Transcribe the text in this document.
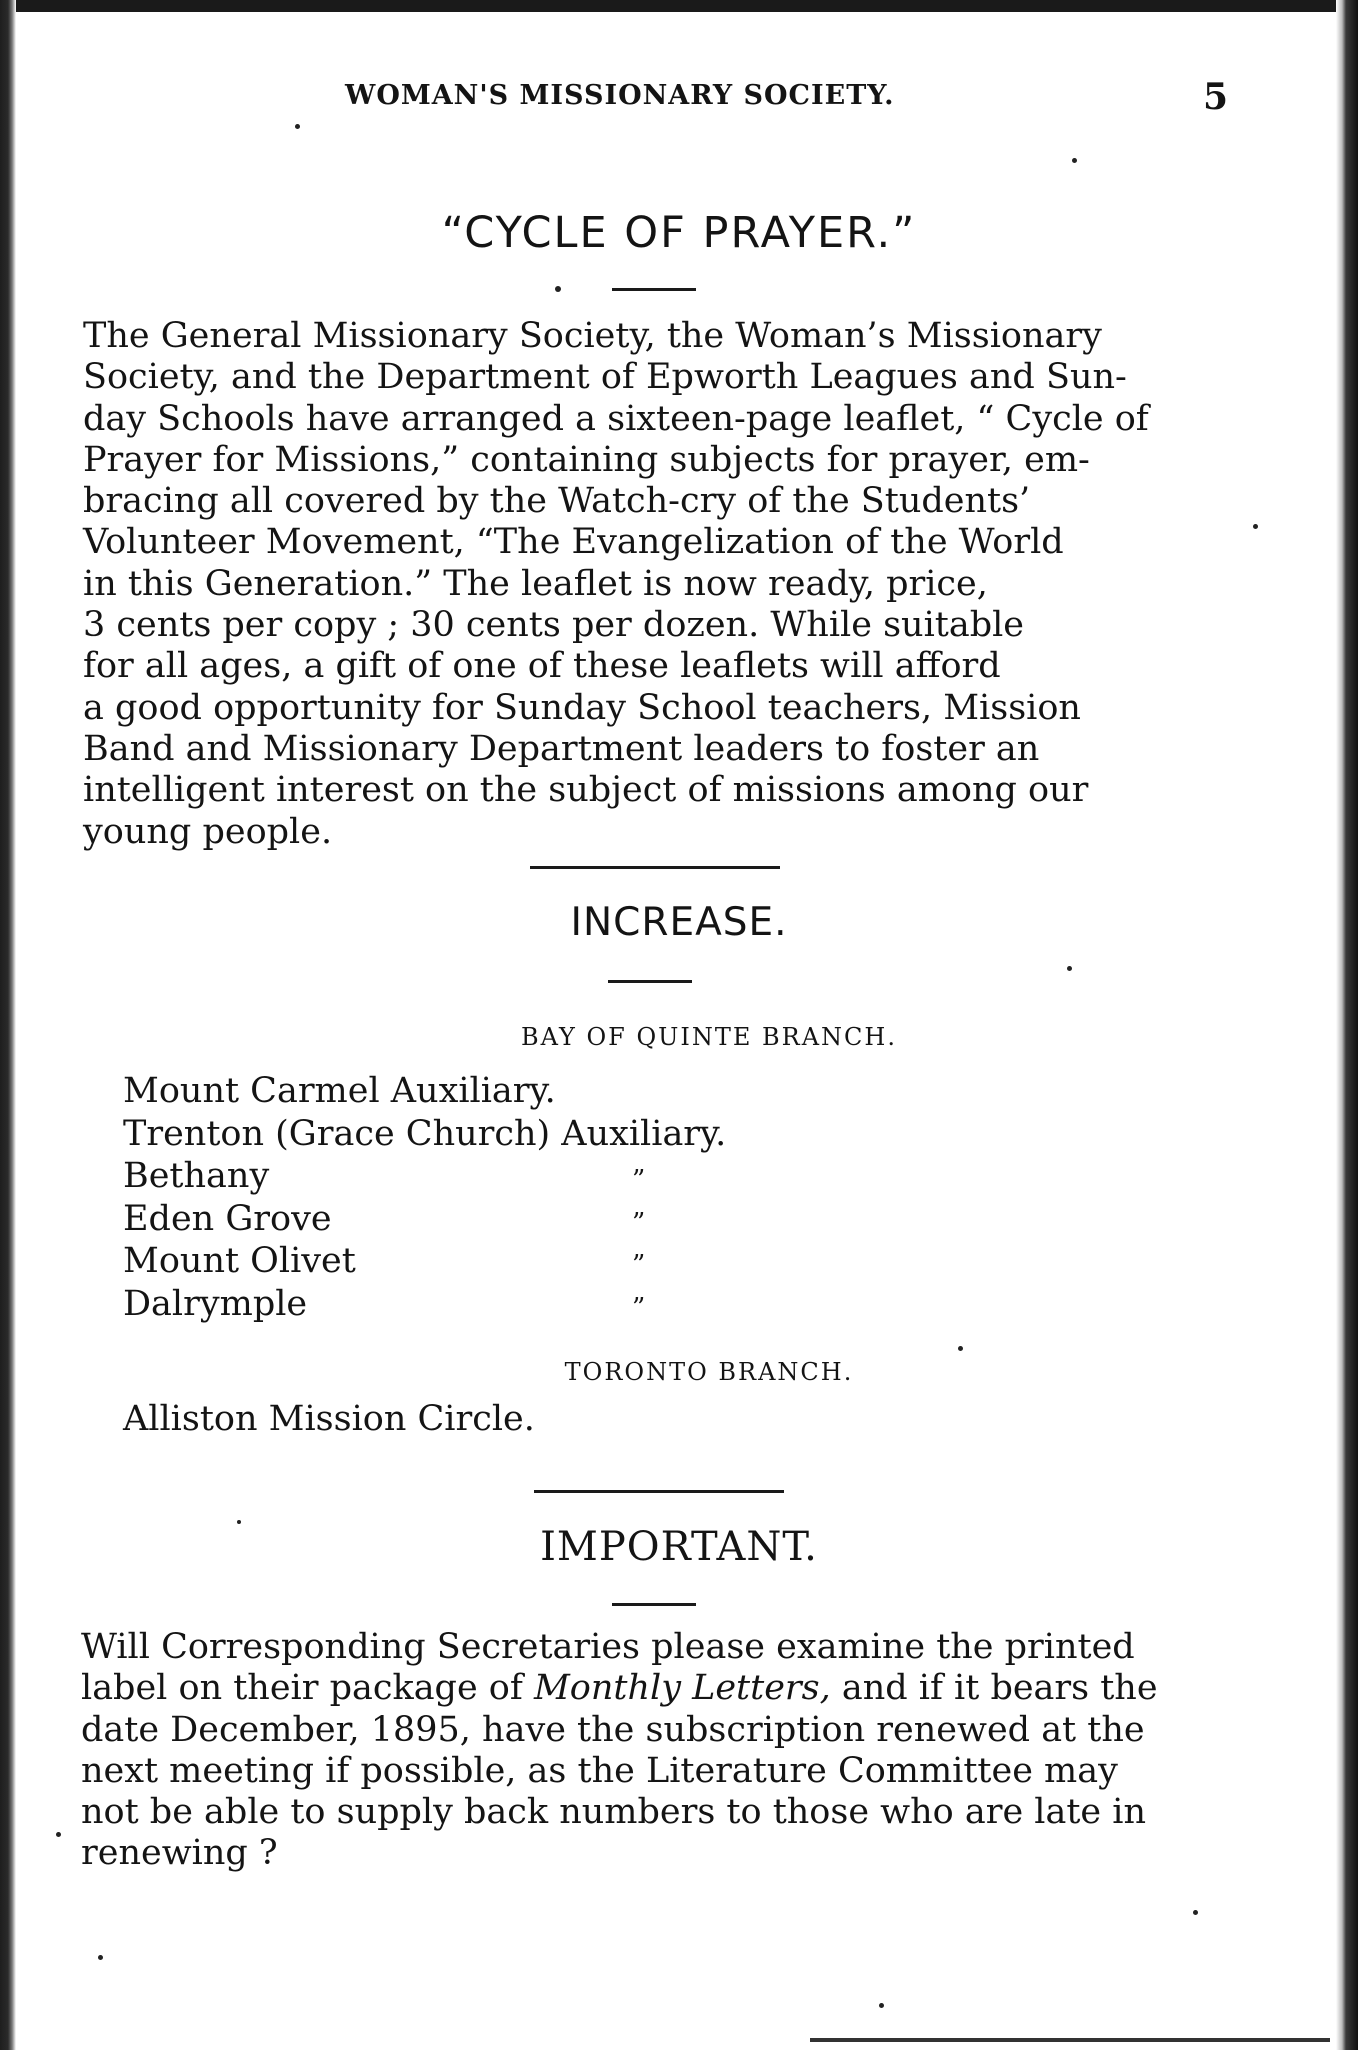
WOMAN'S MISSIONARY SOCIETY.	5
“CYCLE OF PRAYER.”
The General Missionary Society, the Woman’s Missionary
Society, and the Department of Epworth Leagues and Sun-
day Schools have arranged a sixteen-page leaflet, “ Cycle of
Prayer for Missions,” containing subjects for prayer, em-
bracing all covered by the Watch-cry of the Students’
Volunteer Movement, “The Evangelization of the World
in this Generation.” The leaflet is now ready, price,
3 cents per copy ; 30 cents per dozen. While suitable
for all ages, a gift of one of these leaflets will afford
a good opportunity for Sunday School teachers, Mission
Band and Missionary Department leaders to foster an
intelligent interest on the subject of missions among our
young people.
INCREASE.
BAY OF QUINTE BRANCH.
Mount Carmel Auxiliary.
Trenton (Grace Church) Auxiliary.
Bethany	”
Eden Grove	”
Mount Olivet	”
Dalrymple	”
TORONTO BRANCH.
Alliston Mission Circle.
IMPORTANT.
Will Corresponding Secretaries please examine the printed
label on their package of Monthly Letters, and if it bears the
date December, 1895, have the subscription renewed at the
next meeting if possible, as the Literature Committee may
not be able to supply back numbers to those who are late in
renewing ?
